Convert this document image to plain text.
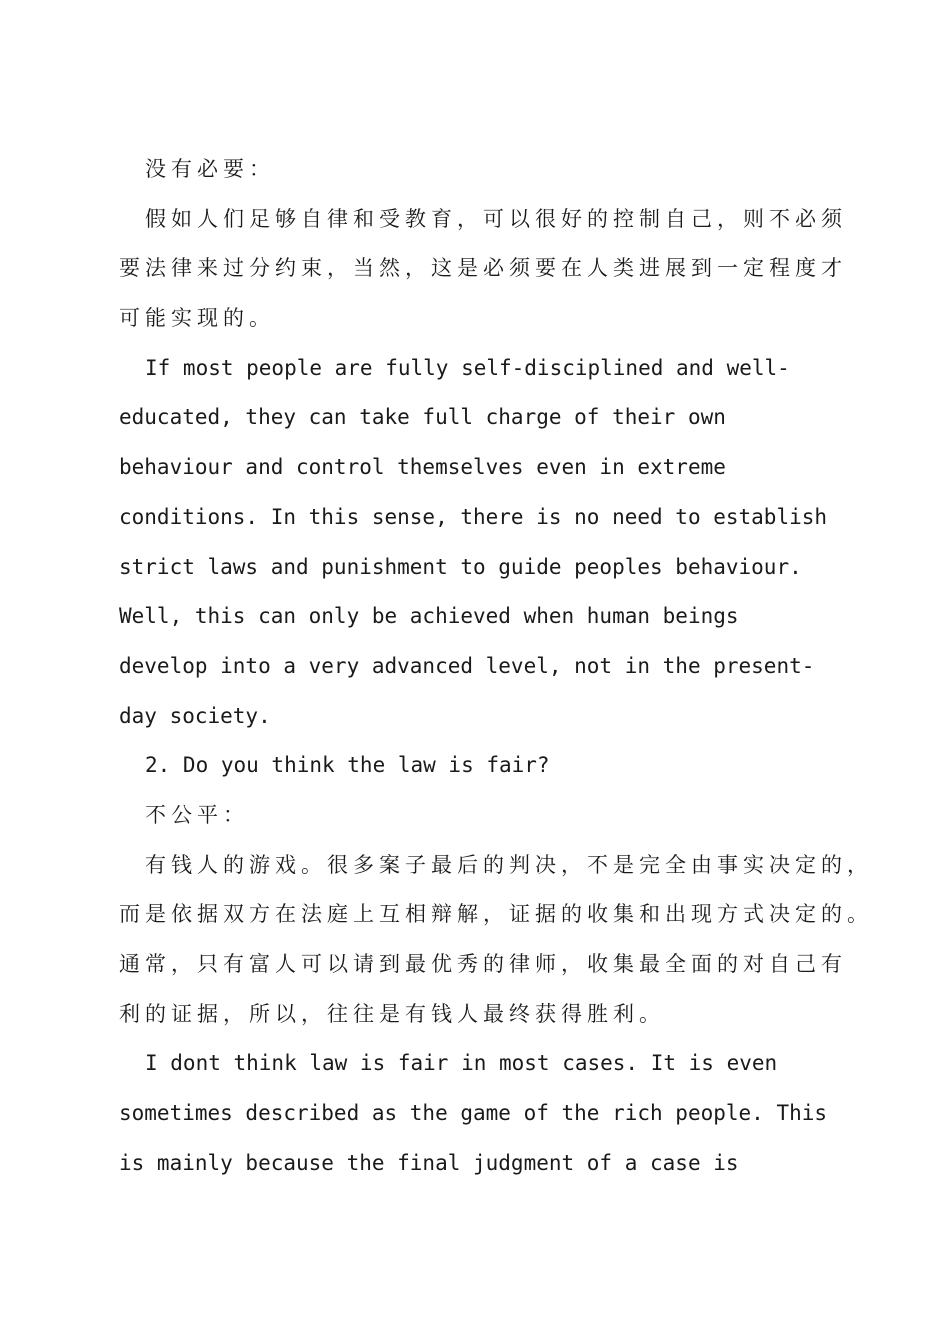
没有必要：
假如人们足够自律和受教育，可以很好的控制自己，则不必须
要法律来过分约束，当然，这是必须要在人类进展到一定程度才
可能实现的。
If most people are fully self-disciplined and well-
educated, they can take full charge of their own
behaviour and control themselves even in extreme
conditions. In this sense, there is no need to establish
strict laws and punishment to guide peoples behaviour.
Well, this can only be achieved when human beings
develop into a very advanced level, not in the present-
day society.
2. Do you think the law is fair?
不公平：
有钱人的游戏。很多案子最后的判决，不是完全由事实决定的，
而是依据双方在法庭上互相辩解，证据的收集和出现方式决定的。
通常，只有富人可以请到最优秀的律师，收集最全面的对自己有
利的证据，所以，往往是有钱人最终获得胜利。
I dont think law is fair in most cases. It is even
sometimes described as the game of the rich people. This
is mainly because the final judgment of a case is
